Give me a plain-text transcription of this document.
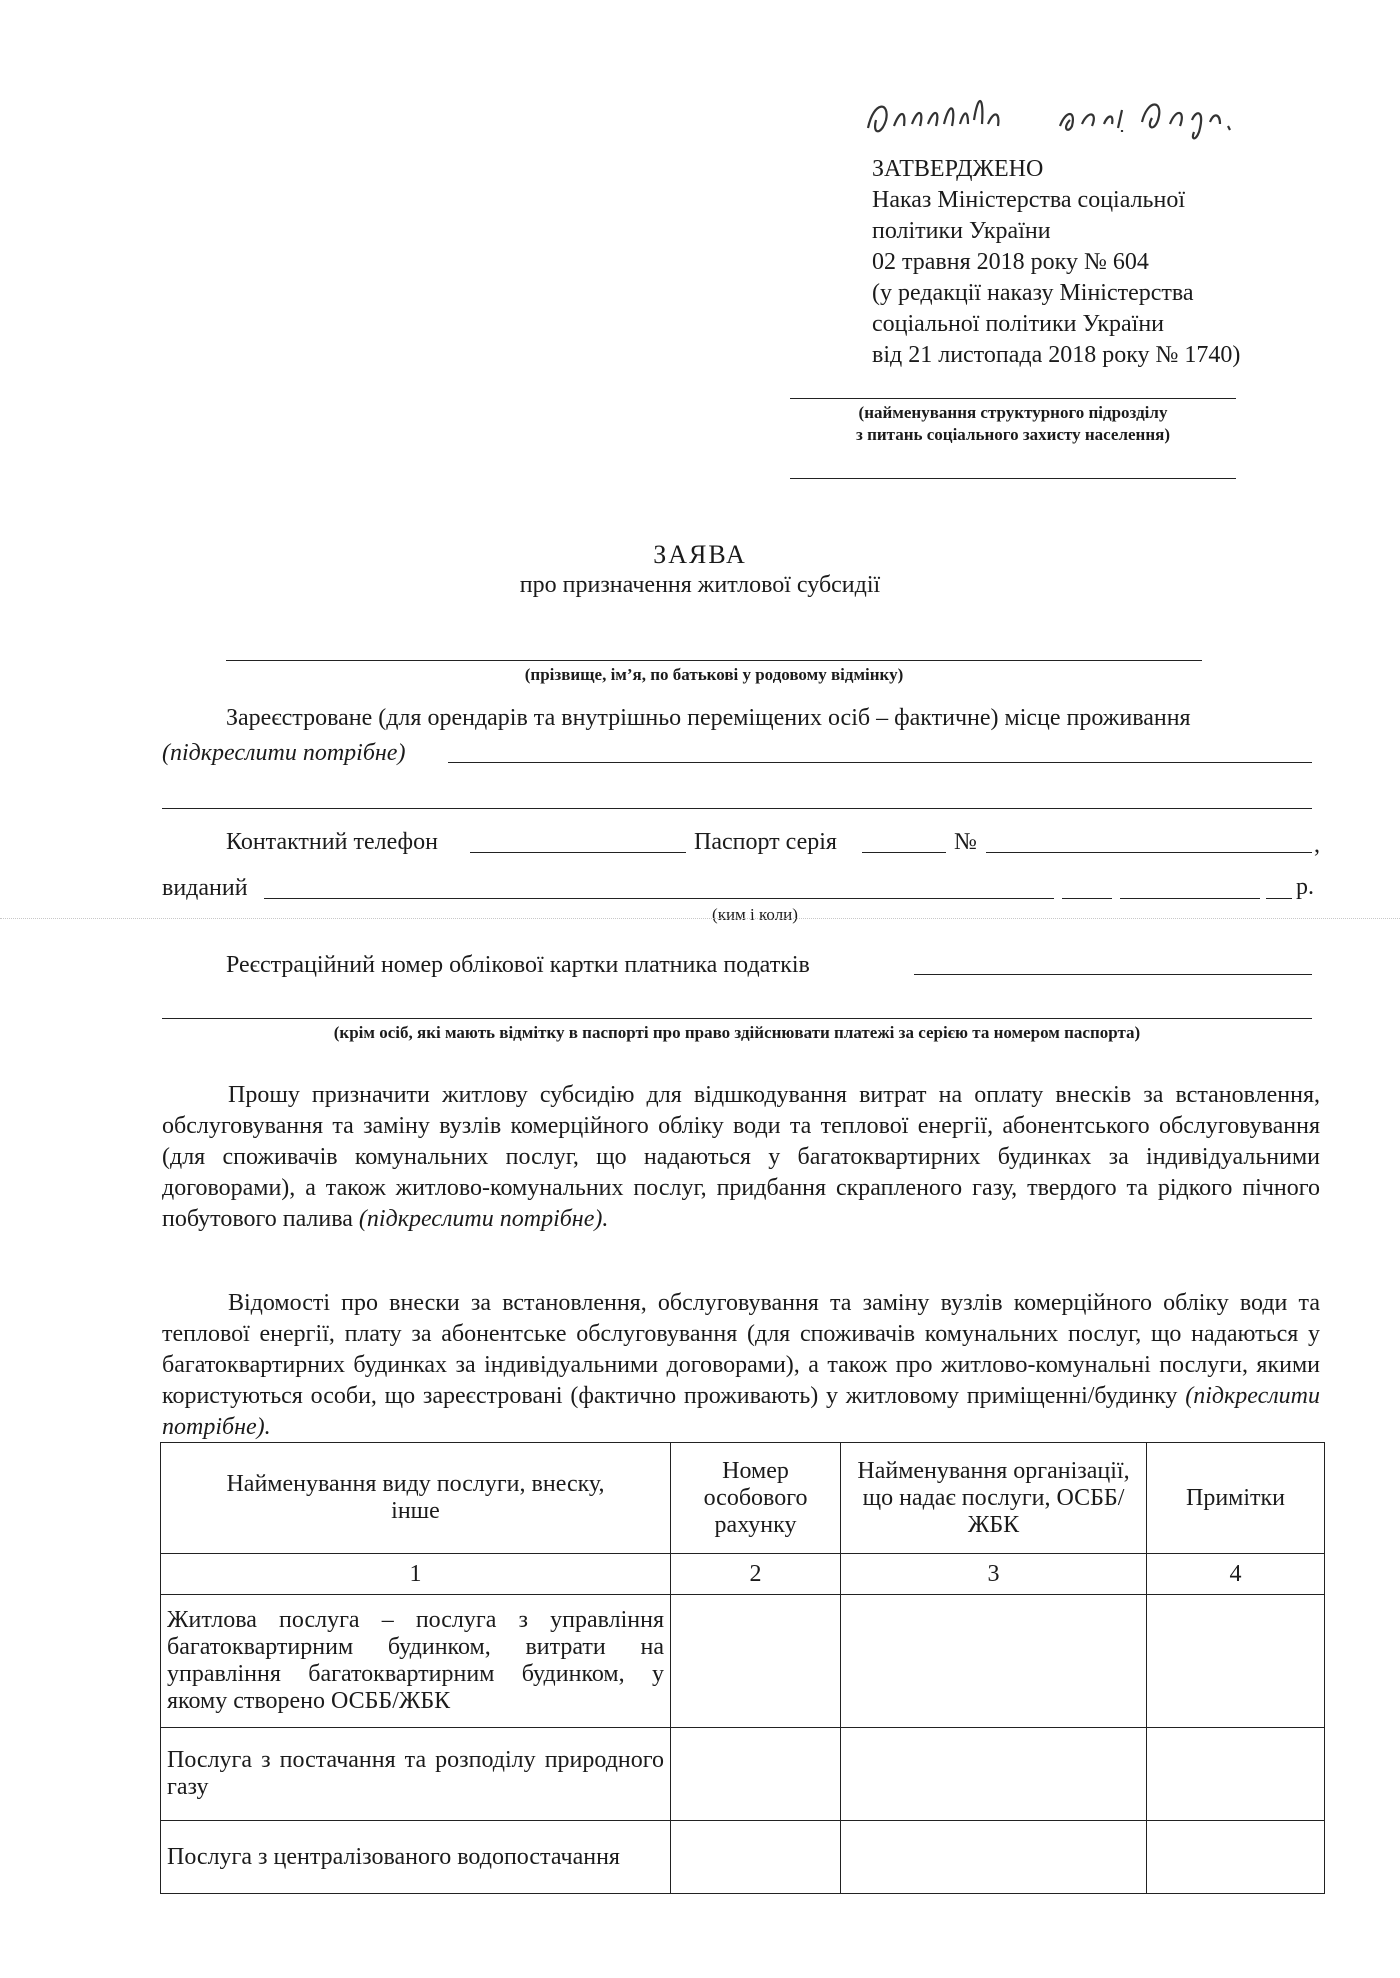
ЗАТВЕРДЖЕНО
Наказ Міністерства соціальної
політики України
02 травня 2018 року № 604
(у редакції наказу Міністерства
соціальної політики України
від 21 листопада 2018 року № 1740)
(найменування структурного підрозділу
з питань соціального захисту населення)
ЗАЯВА
про призначення житлової субсидії
(прізвище, ім’я, по батькові у родовому відмінку)
Зареєстроване (для орендарів та внутрішньо переміщених осіб – фактичне) місце проживання
(підкреслити потрібне)
Контактний телефон	Паспорт серія	№	,
виданий	р.
(ким і коли)
Реєстраційний номер облікової картки платника податків
(крім осіб, які мають відмітку в паспорті про право здійснювати платежі за серією та номером паспорта)

Прошу призначити житлову субсидію для відшкодування витрат на оплату внесків за встановлення, обслуговування та заміну вузлів комерційного обліку води та теплової енергії, абонентського обслуговування (для споживачів комунальних послуг, що надаються у багатоквартирних будинках за індивідуальними договорами), а також житлово-комунальних послуг, придбання скрапленого газу, твердого та рідкого пічного побутового палива (підкреслити потрібне).

Відомості про внески за встановлення, обслуговування та заміну вузлів комерційного обліку води та теплової енергії, плату за абонентське обслуговування (для споживачів комунальних послуг, що надаються у багатоквартирних будинках за індивідуальними договорами), а також про житлово-комунальні послуги, якими користуються особи, що зареєстровані (фактично проживають) у житловому приміщенні/будинку (підкреслити потрібне).

Найменування виду послуги, внеску, інше	Номер особового рахунку	Найменування організації, що надає послуги, ОСББ/ЖБК	Примітки
1	2	3	4
Житлова послуга – послуга з управління багатоквартирним будинком, витрати на управління багатоквартирним будинком, у якому створено ОСББ/ЖБК			
Послуга з постачання та розподілу природного газу			
Послуга з централізованого водопостачання			
